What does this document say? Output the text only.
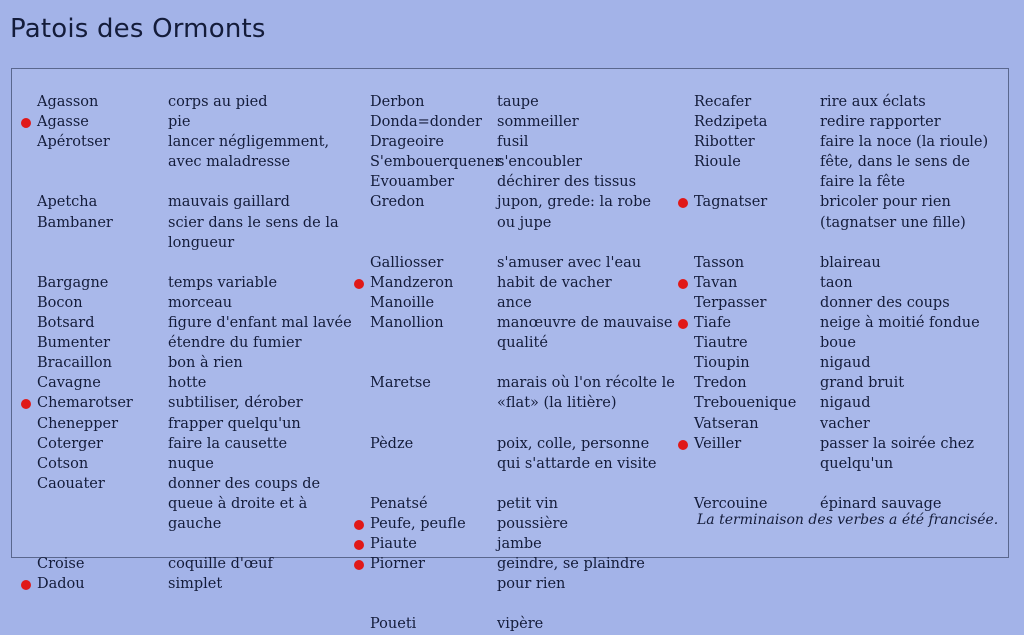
Patois des Ormonts
Agasson
Agasse
Apérotser
Apetcha
Bambaner
Bargagne
Bocon
Botsard
Bumenter
Bracaillon
Cavagne
Chemarotser
Chenepper
Coterger
Cotson
Caouater
Croise
Dadou
corps au pied
pie
lancer négligemment,
avec maladresse
mauvais gaillard
scier dans le sens de la
longueur
temps variable
morceau
figure d'enfant mal lavée
étendre du fumier
bon à rien
hotte
subtiliser, dérober
frapper quelqu'un
faire la causette
nuque
donner des coups de
queue à droite et à
gauche
coquille d'œuf
simplet
Derbon
Donda=donder
Drageoire
S'embouerquener
Evouamber
Gredon
Galliosser
Mandzeron
Manoille
Manollion
Maretse
Pèdze
Penatsé
Peufe, peufle
Piaute
Piorner
Poueti
taupe
sommeiller
fusil
s'encoubler
déchirer des tissus
jupon, grede: la robe
ou jupe
s'amuser avec l'eau
habit de vacher
ance
manœuvre de mauvaise
qualité
marais où l'on récolte le
«flat» (la litière)
poix, colle, personne
qui s'attarde en visite
petit vin
poussière
jambe
geindre, se plaindre
pour rien
vipère
Recafer
Redzipeta
Ribotter
Rioule
Tagnatser
Tasson
Tavan
Terpasser
Tiafe
Tiautre
Tioupin
Tredon
Trebouenique
Vatseran
Veiller
Vercouine
rire aux éclats
redire rapporter
faire la noce (la rioule)
fête, dans le sens de
faire la fête
bricoler pour rien
(tagnatser une fille)
blaireau
taon
donner des coups
neige à moitié fondue
boue
nigaud
grand bruit
nigaud
vacher
passer la soirée chez
quelqu'un
épinard sauvage
La terminaison des verbes a été francisée.
